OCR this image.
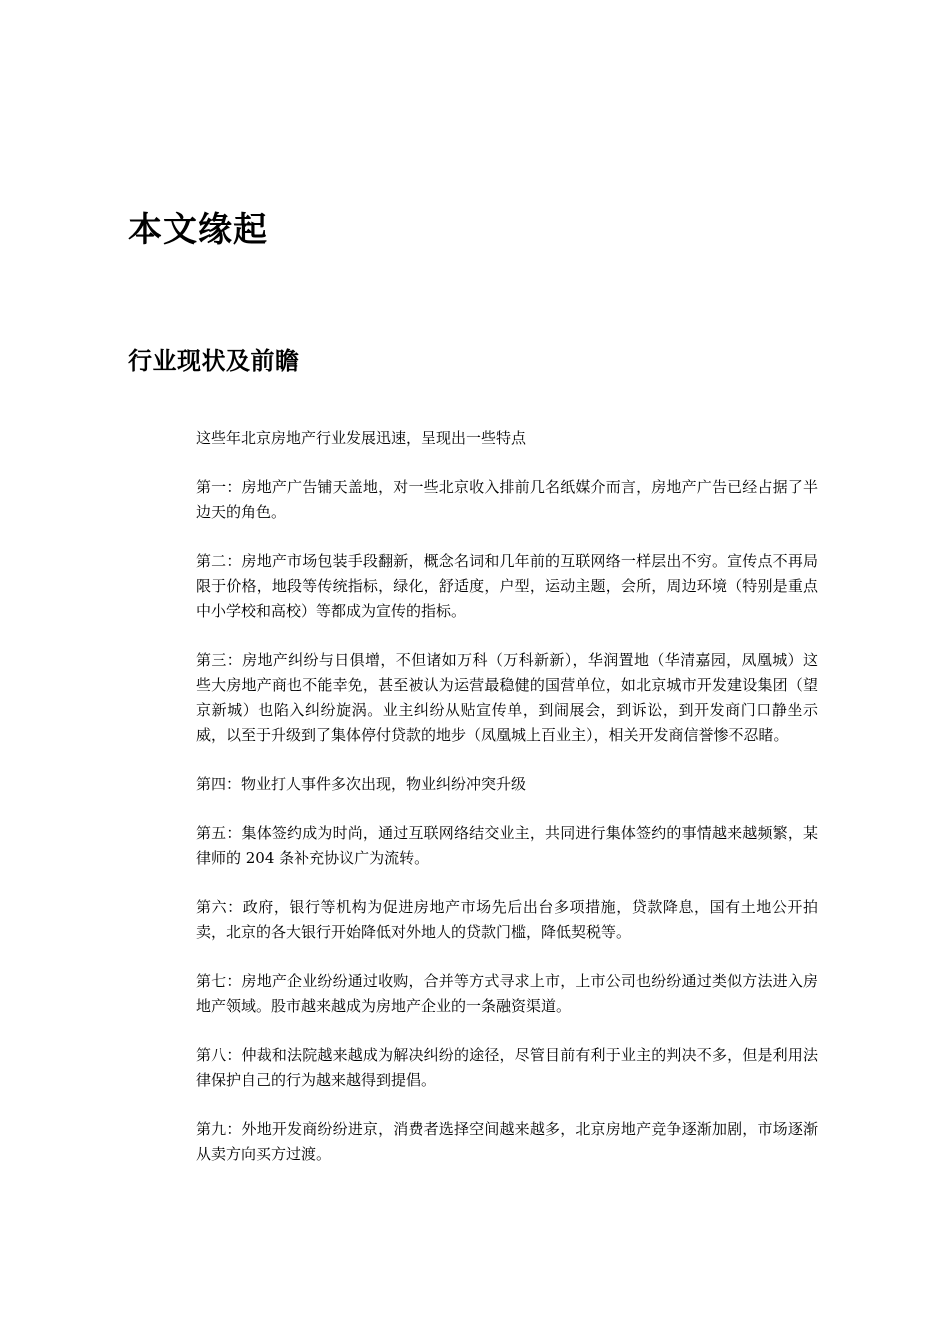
本文缘起
行业现状及前瞻

这些年北京房地产行业发展迅速，呈现出一些特点

第一：房地产广告铺天盖地，对一些北京收入排前几名纸媒介而言，房地产广告已经占据了半边天的角色。

第二：房地产市场包装手段翻新，概念名词和几年前的互联网络一样层出不穷。宣传点不再局限于价格，地段等传统指标，绿化，舒适度，户型，运动主题，会所，周边环境（特别是重点中小学校和高校）等都成为宣传的指标。

第三：房地产纠纷与日俱增，不但诸如万科（万科新新），华润置地（华清嘉园，凤凰城）这些大房地产商也不能幸免，甚至被认为运营最稳健的国营单位，如北京城市开发建设集团（望京新城）也陷入纠纷旋涡。业主纠纷从贴宣传单，到闹展会，到诉讼，到开发商门口静坐示威，以至于升级到了集体停付贷款的地步（凤凰城上百业主），相关开发商信誉惨不忍睹。

第四：物业打人事件多次出现，物业纠纷冲突升级

第五：集体签约成为时尚，通过互联网络结交业主，共同进行集体签约的事情越来越频繁，某律师的 204 条补充协议广为流转。

第六：政府，银行等机构为促进房地产市场先后出台多项措施，贷款降息，国有土地公开拍卖，北京的各大银行开始降低对外地人的贷款门槛，降低契税等。

第七：房地产企业纷纷通过收购，合并等方式寻求上市，上市公司也纷纷通过类似方法进入房地产领域。股市越来越成为房地产企业的一条融资渠道。

第八：仲裁和法院越来越成为解决纠纷的途径，尽管目前有利于业主的判决不多，但是利用法律保护自己的行为越来越得到提倡。

第九：外地开发商纷纷进京，消费者选择空间越来越多，北京房地产竞争逐渐加剧，市场逐渐从卖方向买方过渡。
